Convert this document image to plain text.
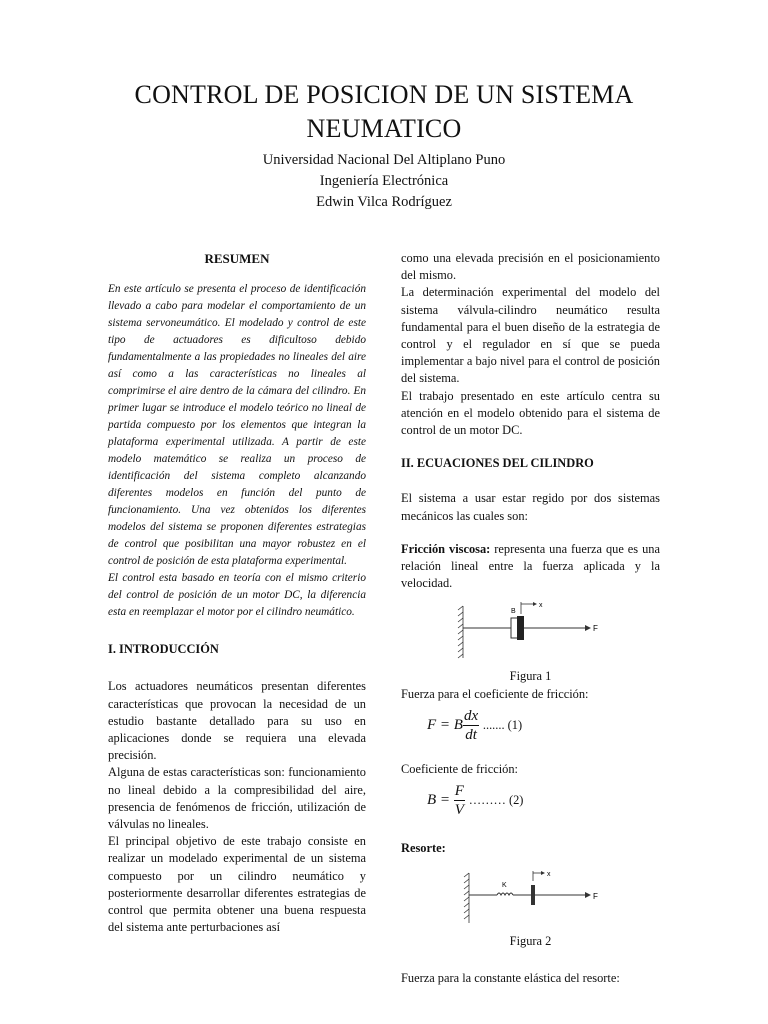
CONTROL DE POSICION DE UN SISTEMA NEUMATICO
Universidad Nacional Del Altiplano Puno
Ingeniería Electrónica
Edwin Vilca Rodríguez
RESUMEN

En este artículo se presenta el proceso de identificación llevado a cabo para modelar el comportamiento de un sistema servoneumático. El modelado y control de este tipo de actuadores es dificultoso debido fundamentalmente a las propiedades no lineales del aire así como a las características no lineales al comprimirse el aire dentro de la cámara del cilindro. En primer lugar se introduce el modelo teórico no lineal de partida compuesto por los elementos que integran la plataforma experimental utilizada. A partir de este modelo matemático se realiza un proceso de identificación del sistema completo alcanzando diferentes modelos en función del punto de funcionamiento. Una vez obtenidos los diferentes modelos del sistema se proponen diferentes estrategias de control que posibilitan una mayor robustez en el control de posición de esta plataforma experimental.

El control esta basado en teoría con el mismo criterio del control de posición de un motor DC, la diferencia esta en reemplazar el motor por el cilindro neumático.

I. INTRODUCCIÓN

Los actuadores neumáticos presentan diferentes características que provocan la necesidad de un estudio bastante detallado para su uso en aplicaciones donde se requiera una elevada precisión.

Alguna de estas características son: funcionamiento no lineal debido a la compresibilidad del aire, presencia de fenómenos de fricción, utilización de válvulas no lineales.

El principal objetivo de este trabajo consiste en realizar un modelado experimental de un sistema compuesto por un cilindro neumático y posteriormente desarrollar diferentes estrategias de control que permita obtener una buena respuesta del sistema ante perturbaciones así

como una elevada precisión en el posicionamiento del mismo.

La determinación experimental del modelo del sistema válvula-cilindro neumático resulta fundamental para el buen diseño de la estrategia de control y el regulador en sí que se pueda implementar a bajo nivel para el control de posición del sistema.

El trabajo presentado en este artículo centra su atención en el modelo obtenido para el sistema de control de un motor DC.

II. ECUACIONES DEL CILINDRO

El sistema a usar estar regido por dos sistemas mecánicos las cuales son:

Fricción viscosa: representa una fuerza que es una relación lineal entre la fuerza aplicada y la velocidad.

B
x
F
Figura 1

Fuerza para el coeficiente de fricción:

F = B $\frac{dx}{dt}$ ....... (1)

Coeficiente de fricción:

$B = \frac{F}{V}$ ……… (2)
Resorte:
K
x
F
Figura 2

Fuerza para la constante elástica del resorte:
